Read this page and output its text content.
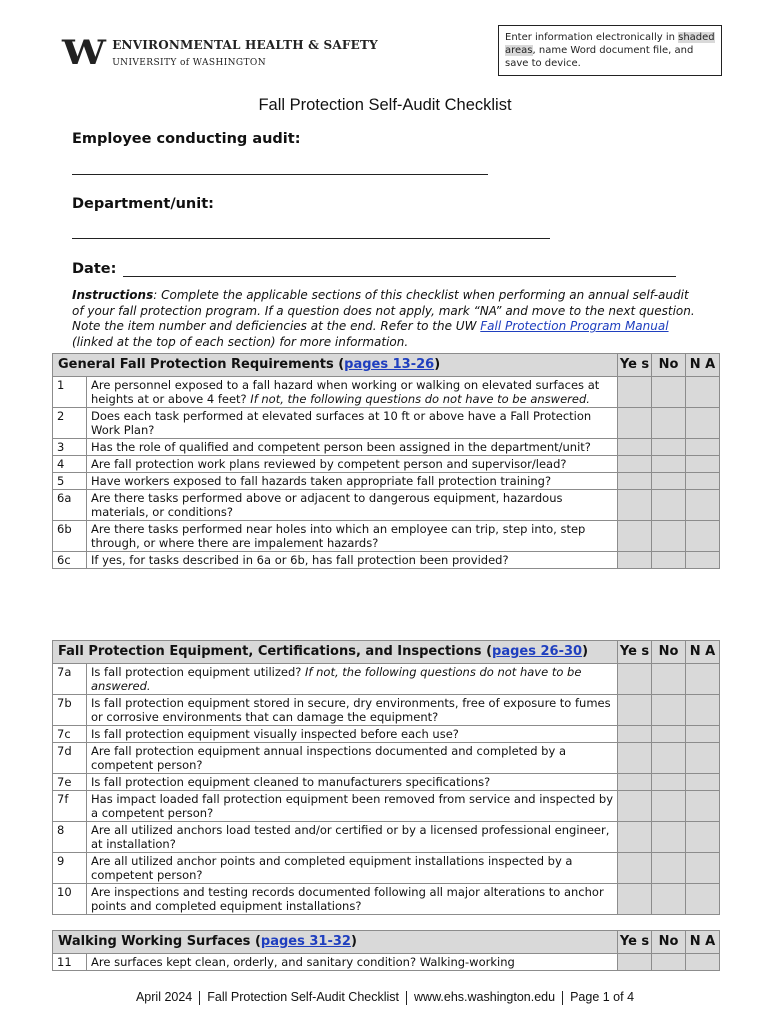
W ENVIRONMENTAL HEALTH & SAFETY
UNIVERSITY of WASHINGTON
Enter information electronically in shaded areas, name Word document file, and save to device.
Fall Protection Self-Audit Checklist
Employee conducting audit:
Department/unit:
Date:
Instructions: Complete the applicable sections of this checklist when performing an annual self-audit of your fall protection program. If a question does not apply, mark “NA” and move to the next question. Note the item number and deficiencies at the end. Refer to the UW Fall Protection Program Manual (linked at the top of each section) for more information.
General Fall Protection Requirements (pages 13-26)		Ye s	No	N A
1	Are personnel exposed to a fall hazard when working or walking on elevated surfaces at heights at or above 4 feet? If not, the following questions do not have to be answered.			
2	Does each task performed at elevated surfaces at 10 ft or above have a Fall Protection Work Plan?			
3	Has the role of qualified and competent person been assigned in the department/unit?			
4	Are fall protection work plans reviewed by competent person and supervisor/lead?			
5	Have workers exposed to fall hazards taken appropriate fall protection training?			
6a	Are there tasks performed above or adjacent to dangerous equipment, hazardous materials, or conditions?			
6b	Are there tasks performed near holes into which an employee can trip, step into, step through, or where there are impalement hazards?			
6c	If yes, for tasks described in 6a or 6b, has fall protection been provided?			
Fall Protection Equipment, Certifications, and Inspections (pages 26-30)		Ye s	No	N A
7a	Is fall protection equipment utilized? If not, the following questions do not have to be answered.			
7b	Is fall protection equipment stored in secure, dry environments, free of exposure to fumes or corrosive environments that can damage the equipment?			
7c	Is fall protection equipment visually inspected before each use?			
7d	Are fall protection equipment annual inspections documented and completed by a competent person?			
7e	Is fall protection equipment cleaned to manufacturers specifications?			
7f	Has impact loaded fall protection equipment been removed from service and inspected by a competent person?			
8	Are all utilized anchors load tested and/or certified or by a licensed professional engineer, at installation?			
9	Are all utilized anchor points and completed equipment installations inspected by a competent person?			
10	Are inspections and testing records documented following all major alterations to anchor points and completed equipment installations?			
Walking Working Surfaces (pages 31-32)		Ye s	No	N A
11	Are surfaces kept clean, orderly, and sanitary condition? Walking-working			
April 2024 Fall Protection Self-Audit Checklist www.ehs.washington.edu Page 1 of 4
